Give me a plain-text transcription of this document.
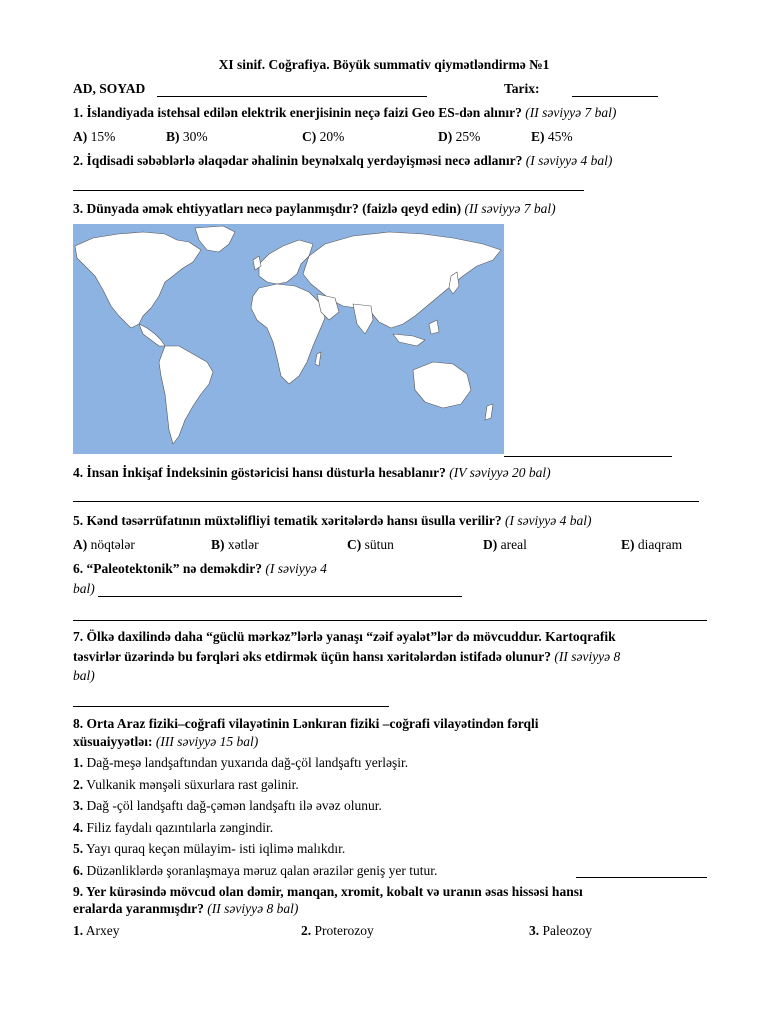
XI sinif. Coğrafiya. Böyük summativ qiymətləndirmə №1
AD, SOYAD	Tarix:
1. İslandiyada istehsal edilən elektrik enerjisinin neçə faizi Geo ES-dən alınır? (II səviyyə 7 bal)
A) 15%	B) 30%	C) 20%	D) 25%	E) 45%
2. İqdisadi səbəblərlə əlaqədar əhalinin beynəlxalq yerdəyişməsi necə adlanır? (I səviyyə 4 bal)
3. Dünyada əmək ehtiyyatları necə paylanmışdır? (faizlə qeyd edin) (II səviyyə 7 bal)
4. İnsan İnkişaf İndeksinin göstəricisi hansı düsturla hesablanır? (IV səviyyə 20 bal)
5. Kənd təsərrüfatının müxtəlifliyi tematik xəritələrdə hansı üsulla verilir? (I səviyyə 4 bal)
A) nöqtələr	B) xətlər	C) sütun	D) areal	E) diaqram
6. “Paleotektonik” nə deməkdir? (I səviyyə 4
bal)
7. Ölkə daxilində daha “güclü mərkəz”lərlə yanaşı “zəif əyalət”lər də mövcuddur. Kartoqrafik
təsvirlər üzərində bu fərqləri əks etdirmək üçün hansı xəritələrdən istifadə olunur? (II səviyyə 8
bal)
8. Orta Araz fiziki–coğrafi vilayətinin Lənkıran fiziki –coğrafi vilayətindən fərqli
xüsuaiyyətləı: (III səviyyə 15 bal)
1. Dağ-meşə landşaftından yuxarıda dağ-çöl landşaftı yerləşir.
2. Vulkanik mənşəli süxurlara rast gəlinir.
3. Dağ -çöl landşaftı dağ-çəmən landşaftı ilə əvəz olunur.
4. Filiz faydalı qazıntılarla zəngindir.
5. Yayı quraq keçən mülayim- isti iqlimə malıkdır.
6. Düzənliklərdə şoranlaşmaya məruz qalan ərazilər geniş yer tutur.
9. Yer kürəsində mövcud olan dəmir, manqan, xromit, kobalt və uranın əsas hissəsi hansı
eralarda yaranmışdır? (II səviyyə 8 bal)
1. Arxey	2. Proterozoy	3. Paleozoy
